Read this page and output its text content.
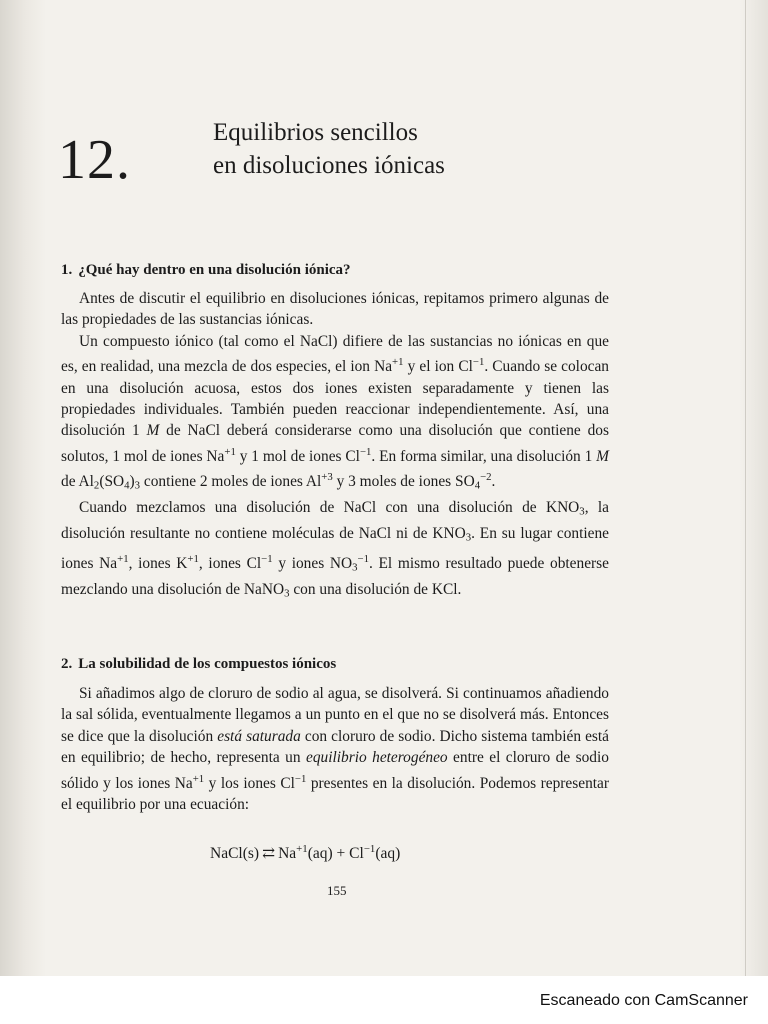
12.	Equilibrios sencillos
en disoluciones iónicas
1. ¿Qué hay dentro en una disolución iónica?

Antes de discutir el equilibrio en disoluciones iónicas, repitamos primero algunas de las propiedades de las sustancias iónicas.

Un compuesto iónico (tal como el NaCl) difiere de las sustancias no iónicas en que es, en realidad, una mezcla de dos especies, el ion $Na^{+1}$ y el ion $Cl^{-1}$. Cuando se colocan en una disolución acuosa, estos dos iones existen separadamente y tienen las propiedades individuales. También pueden reaccionar independientemente. Así, una disolución 1 M de NaCl deberá considerarse como una disolución que contiene dos solutos, 1 mol de iones $Na^{+1}$ y 1 mol de iones $Cl^{-1}$. En forma similar, una disolución 1 M de $Al_2(SO_4)_3$ contiene 2 moles de iones $Al^{+3}$ y 3 moles de iones $SO_4^{-2}$.

Cuando mezclamos una disolución de NaCl con una disolución de $KNO_3$, la disolución resultante no contiene moléculas de NaCl ni de $KNO_3$. En su lugar contiene iones $Na^{+1}$, iones $K^{+1}$, iones $Cl^{-1}$ y iones $NO_3^{-1}$. El mismo resultado puede obtenerse mezclando una disolución de NaNO$_3$ con una disolución de KCl.

2. La solubilidad de los compuestos iónicos

Si añadimos algo de cloruro de sodio al agua, se disolverá. Si continuamos añadiendo la sal sólida, eventualmente llegamos a un punto en el que no se disolverá más. Entonces se dice que la disolución está saturada con cloruro de sodio. Dicho sistema también está en equilibrio; de hecho, representa un equilibrio heterogéneo entre el cloruro de sodio sólido y los iones $Na^{+1}$ y los iones $Cl^{-1}$ presentes en la disolución. Podemos representar el equilibrio por una ecuación:

NaCl(s) ⇄ $Na^{+1}(aq) + Cl^{-1}(aq)$
155
Escaneado con CamScanner
